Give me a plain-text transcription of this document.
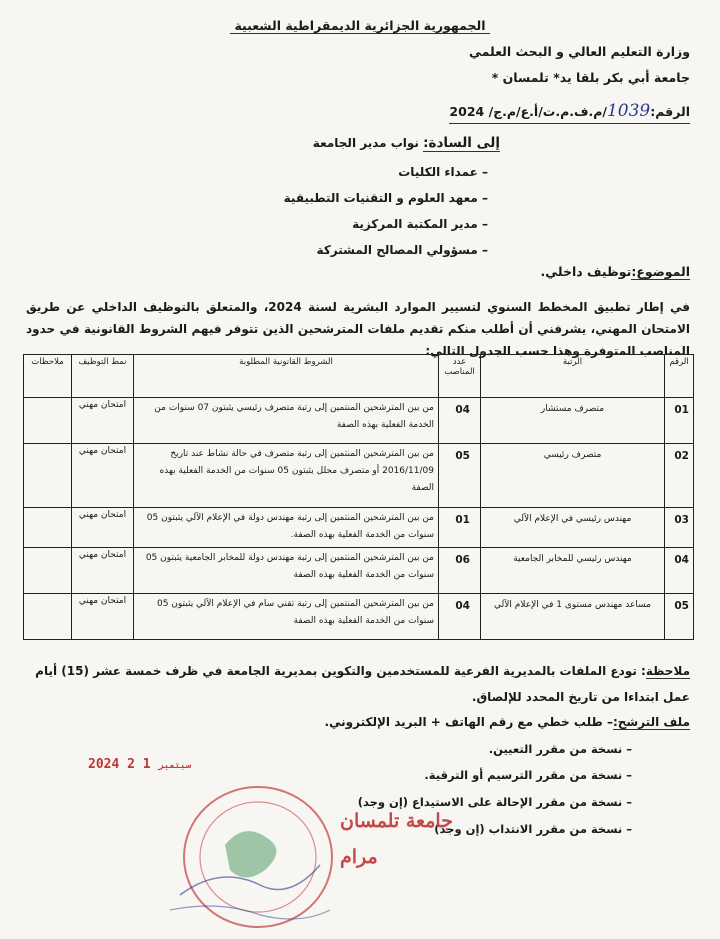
الجمهورية الجزائرية الديمقراطية الشعبية
وزارة التعليم العالي و البحث العلمي
جامعة أبي بكر بلقا يد* تلمسان *
الرقم:1039/م.ف.م.ت/أ.ع/م.ج/ 2024
إلى السادة: نواب مدير الجامعة
– عمداء الكليات
– معهد العلوم و التقنيات التطبيقية
– مدير المكتبة المركزية
– مسؤولي المصالح المشتركة
الموضوع:توظيف داخلي.
في إطار تطبيق المخطط السنوي لتسيير الموارد البشرية لسنة 2024، والمتعلق بالتوظيف الداخلي عن طريق الامتحان المهني، يشرفني أن أطلب منكم تقديم ملفات المترشحين الذين تتوفر فيهم الشروط القانونية في حدود المناصب المتوفرة وهذا حسب الجدول التالي:
الرقم	الرتبة	عدد المناصب	الشروط القانونية المطلوبة	نمط التوظيف	ملاحظات
01	متصرف مستشار	04	من بين المترشحين المنتمين إلى رتبة متصرف رئيسي يثبتون 07 سنوات من الخدمة الفعلية بهذه الصفة	امتحان مهني	
02	متصرف رئيسي	05	من بين المترشحين المنتمين إلى رتبة متصرف في حالة نشاط عند تاريخ 2016/11/09 أو متصرف محلل يثبتون 05 سنوات من الخدمة الفعلية بهذه الصفة	امتحان مهني	
03	مهندس رئيسي في الإعلام الآلي	01	من بين المترشحين المنتمين إلى رتبة مهندس دولة في الإعلام الآلي يثبتون 05 سنوات من الخدمة الفعلية بهذه الصفة.	امتحان مهني	
04	مهندس رئيسي للمخابر الجامعية	06	من بين المترشحين المنتمين إلى رتبة مهندس دولة للمخابر الجامعية يثبتون 05 سنوات من الخدمة الفعلية بهذه الصفة	امتحان مهني	
05	مساعد مهندس مستوى 1 في الإعلام الآلي	04	من بين المترشحين المنتمين إلى رتبة تقني سام في الإعلام الآلي يثبتون 05 سنوات من الخدمة الفعلية بهذه الصفة	امتحان مهني	
ملاحظة: تودع الملفات بالمديرية الفرعية للمستخدمين والتكوين بمديرية الجامعة في ظرف خمسة عشر (15) أيام عمل ابتداءا من تاريخ المحدد للإلصاق.
ملف الترشح:– طلب خطي مع رقم الهاتف + البريد الإلكتروني.
– نسخة من مقرر التعيين.
– نسخة من مقرر الترسيم أو الترقية.
– نسخة من مقرر الإحالة على الاستيداع (إن وجد)
– نسخة من مقرر الانتداب (إن وجد)
2024	سبتمبر 1 2
جامعة تلمسان
مرام
